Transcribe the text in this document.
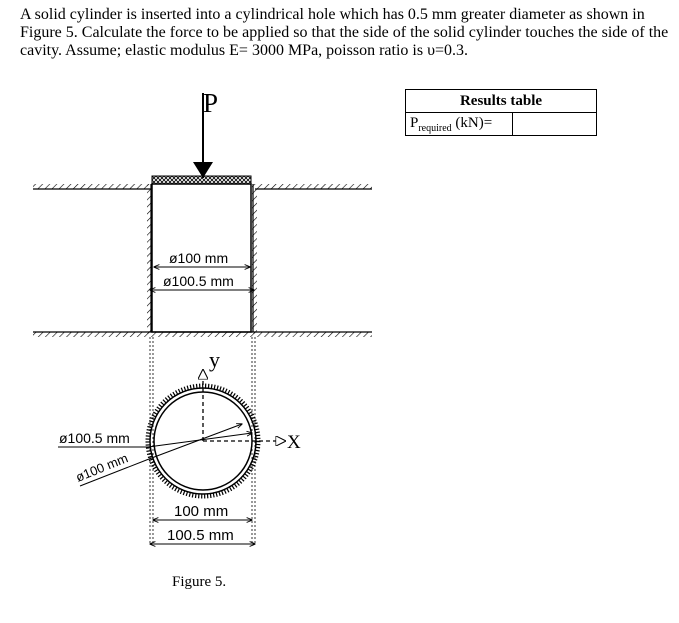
A solid cylinder is inserted into a cylindrical hole which has 0.5 mm greater diameter as shown in Figure 5. Calculate the force to be applied so that the side of the solid cylinder touches the side of the cavity. Assume; elastic modulus E= 3000 MPa, poisson ratio is υ=0.3.

Results table
$P_{required}$ (kN)=	
P
ø100 mm
ø100.5 mm
y
X
ø100.5 mm
ø100 mm
100 mm
100.5 mm

Figure 5.
